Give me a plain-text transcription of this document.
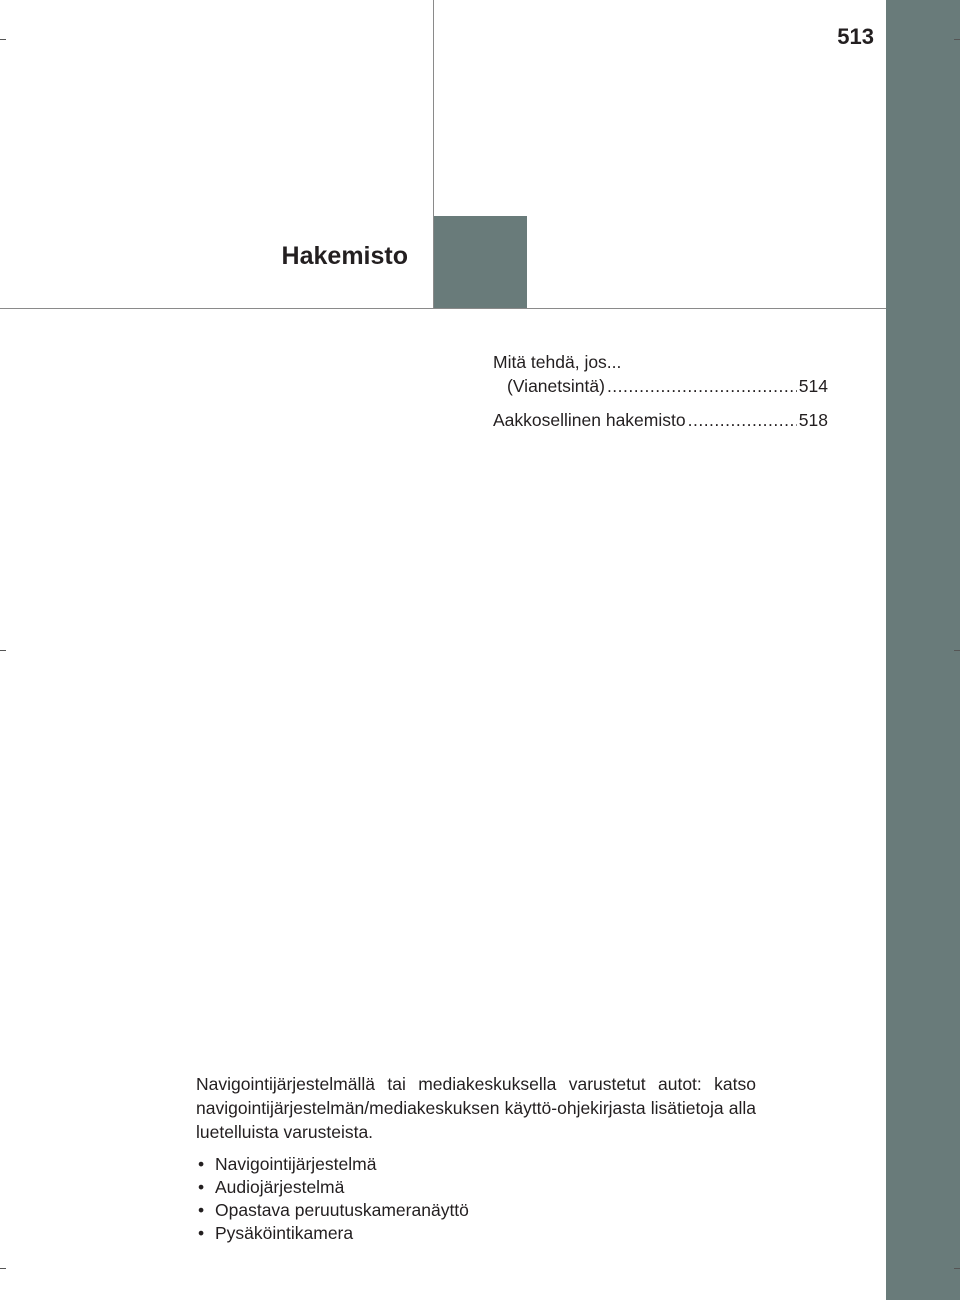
513
Hakemisto
Mitä tehdä, jos...
(Vianetsintä) .....	514
Aakkosellinen hakemisto .....	518

Navigointijärjestelmällä tai mediakeskuksella varustetut autot: katso navigointijärjestelmän/mediakeskuksen käyttö-ohjekirjasta lisätietoja alla luetelluista varusteista.

• Navigointijärjestelmä
• Audiojärjestelmä
• Opastava peruutuskameranäyttö
• Pysäköintikamera
